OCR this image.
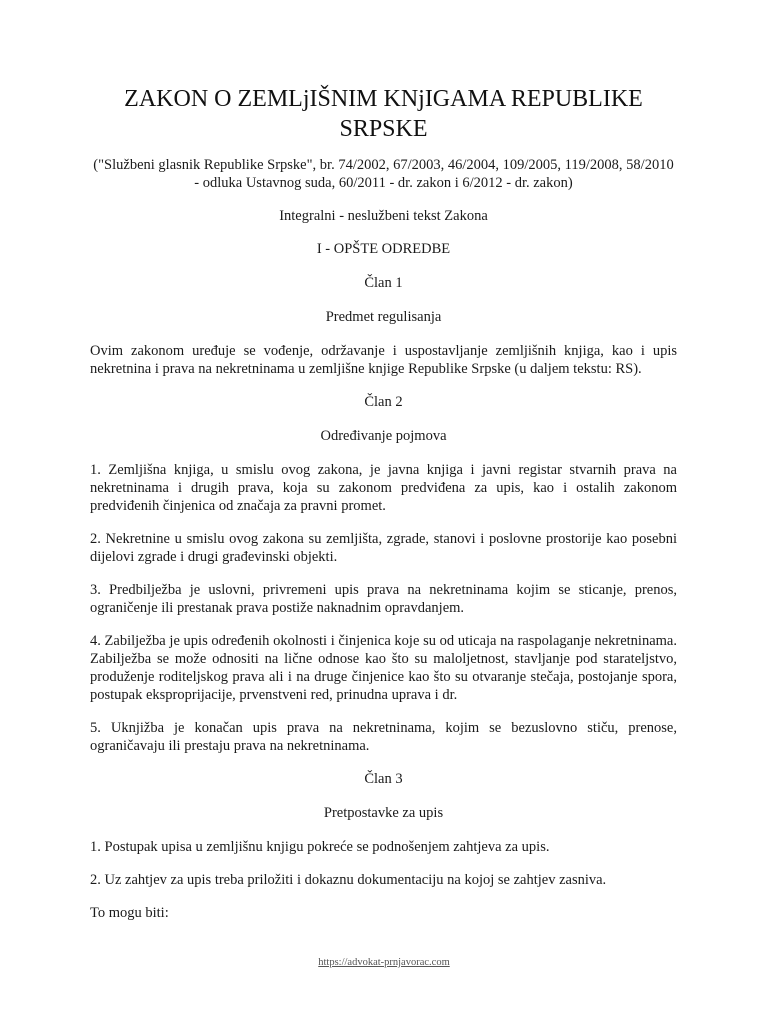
ZAKON O ZEMLjIŠNIM KNjIGAMA REPUBLIKE SRPSKE

("Službeni glasnik Republike Srpske", br. 74/2002, 67/2003, 46/2004, 109/2005, 119/2008, 58/2010 - odluka Ustavnog suda, 60/2011 - dr. zakon i 6/2012 - dr. zakon)

Integralni - neslužbeni tekst Zakona

I - OPŠTE ODREDBE

Član 1

Predmet regulisanja

Ovim zakonom uređuje se vođenje, održavanje i uspostavljanje zemljišnih knjiga, kao i upis nekretnina i prava na nekretninama u zemljišne knjige Republike Srpske (u daljem tekstu: RS).

Član 2

Određivanje pojmova

1. Zemljišna knjiga, u smislu ovog zakona, je javna knjiga i javni registar stvarnih prava na nekretninama i drugih prava, koja su zakonom predviđena za upis, kao i ostalih zakonom predviđenih činjenica od značaja za pravni promet.

2. Nekretnine u smislu ovog zakona su zemljišta, zgrade, stanovi i poslovne prostorije kao posebni dijelovi zgrade i drugi građevinski objekti.

3. Predbilježba je uslovni, privremeni upis prava na nekretninama kojim se sticanje, prenos, ograničenje ili prestanak prava postiže naknadnim opravdanjem.

4. Zabilježba je upis određenih okolnosti i činjenica koje su od uticaja na raspolaganje nekretninama. Zabilježba se može odnositi na lične odnose kao što su maloljetnost, stavljanje pod starateljstvo, produženje roditeljskog prava ali i na druge činjenice kao što su otvaranje stečaja, postojanje spora, postupak eksproprijacije, prvenstveni red, prinudna uprava i dr.

5. Uknjižba je konačan upis prava na nekretninama, kojim se bezuslovno stiču, prenose, ograničavaju ili prestaju prava na nekretninama.

Član 3

Pretpostavke za upis

1. Postupak upisa u zemljišnu knjigu pokreće se podnošenjem zahtjeva za upis.

2. Uz zahtjev za upis treba priložiti i dokaznu dokumentaciju na kojoj se zahtjev zasniva.

To mogu biti:

https://advokat-prnjavorac.com
